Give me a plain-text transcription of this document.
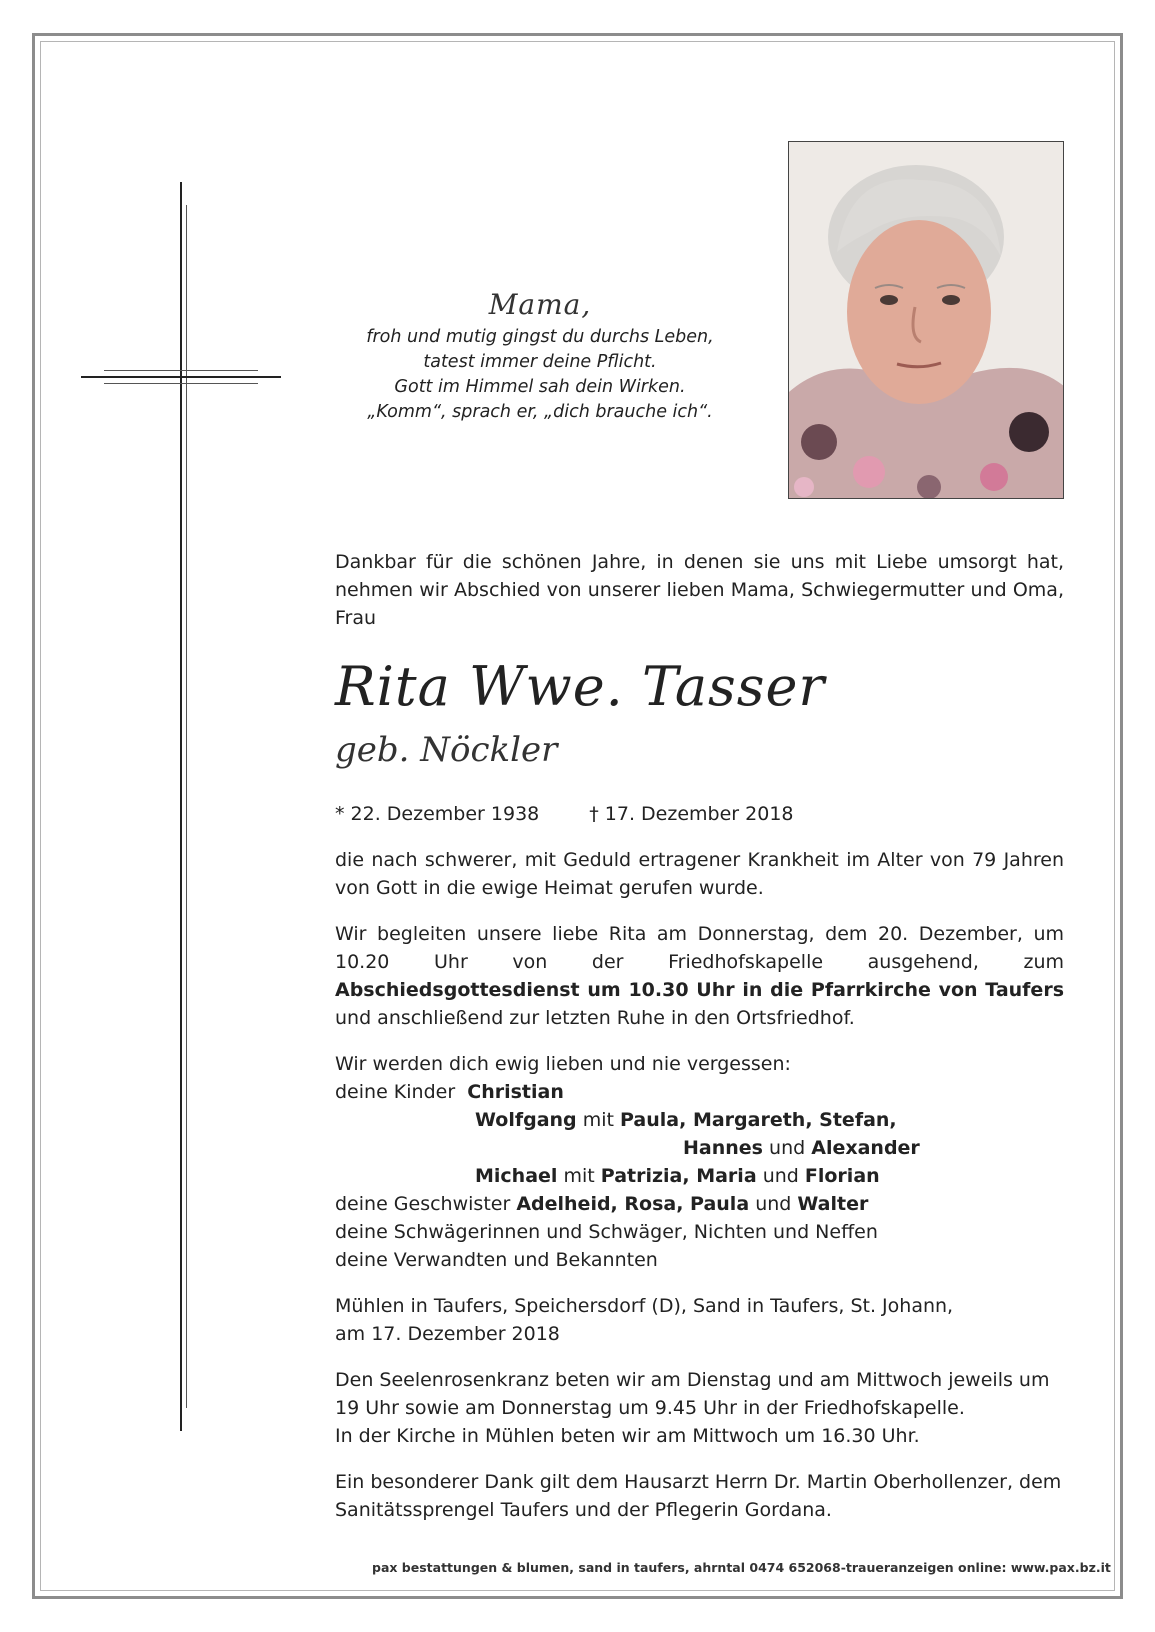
Mama,
froh und mutig gingst du durchs Leben,
tatest immer deine Pflicht.
Gott im Himmel sah dein Wirken.
„Komm“, sprach er, „dich brauche ich“.

Dankbar für die schönen Jahre, in denen sie uns mit Liebe umsorgt hat, nehmen wir Abschied von unserer lieben Mama, Schwiegermutter und Oma, Frau

Rita Wwe. Tasser
geb. Nöckler
* 22. Dezember 1938	† 17. Dezember 2018

die nach schwerer, mit Geduld ertragener Krankheit im Alter von 79 Jahren von Gott in die ewige Heimat gerufen wurde.

Wir begleiten unsere liebe Rita am Donnerstag, dem 20. Dezember, um 10.20 Uhr von der Friedhofskapelle ausgehend, zum Abschiedsgottesdienst um 10.30 Uhr in die Pfarrkirche von Taufers und anschließend zur letzten Ruhe in den Ortsfriedhof.

Wir werden dich ewig lieben und nie vergessen:
deine Kinder Christian
Wolfgang mit Paula, Margareth, Stefan,
Hannes und Alexander
Michael mit Patrizia, Maria und Florian
deine Geschwister Adelheid, Rosa, Paula und Walter
deine Schwägerinnen und Schwäger, Nichten und Neffen
deine Verwandten und Bekannten
Mühlen in Taufers, Speichersdorf (D), Sand in Taufers, St. Johann,
am 17. Dezember 2018
Den Seelenrosenkranz beten wir am Dienstag und am Mittwoch jeweils um
19 Uhr sowie am Donnerstag um 9.45 Uhr in der Friedhofskapelle.
In der Kirche in Mühlen beten wir am Mittwoch um 16.30 Uhr.
Ein besonderer Dank gilt dem Hausarzt Herrn Dr. Martin Oberhollenzer, dem
Sanitätssprengel Taufers und der Pflegerin Gordana.
pax bestattungen & blumen, sand in taufers, ahrntal 0474 652068-traueranzeigen online: www.pax.bz.it
